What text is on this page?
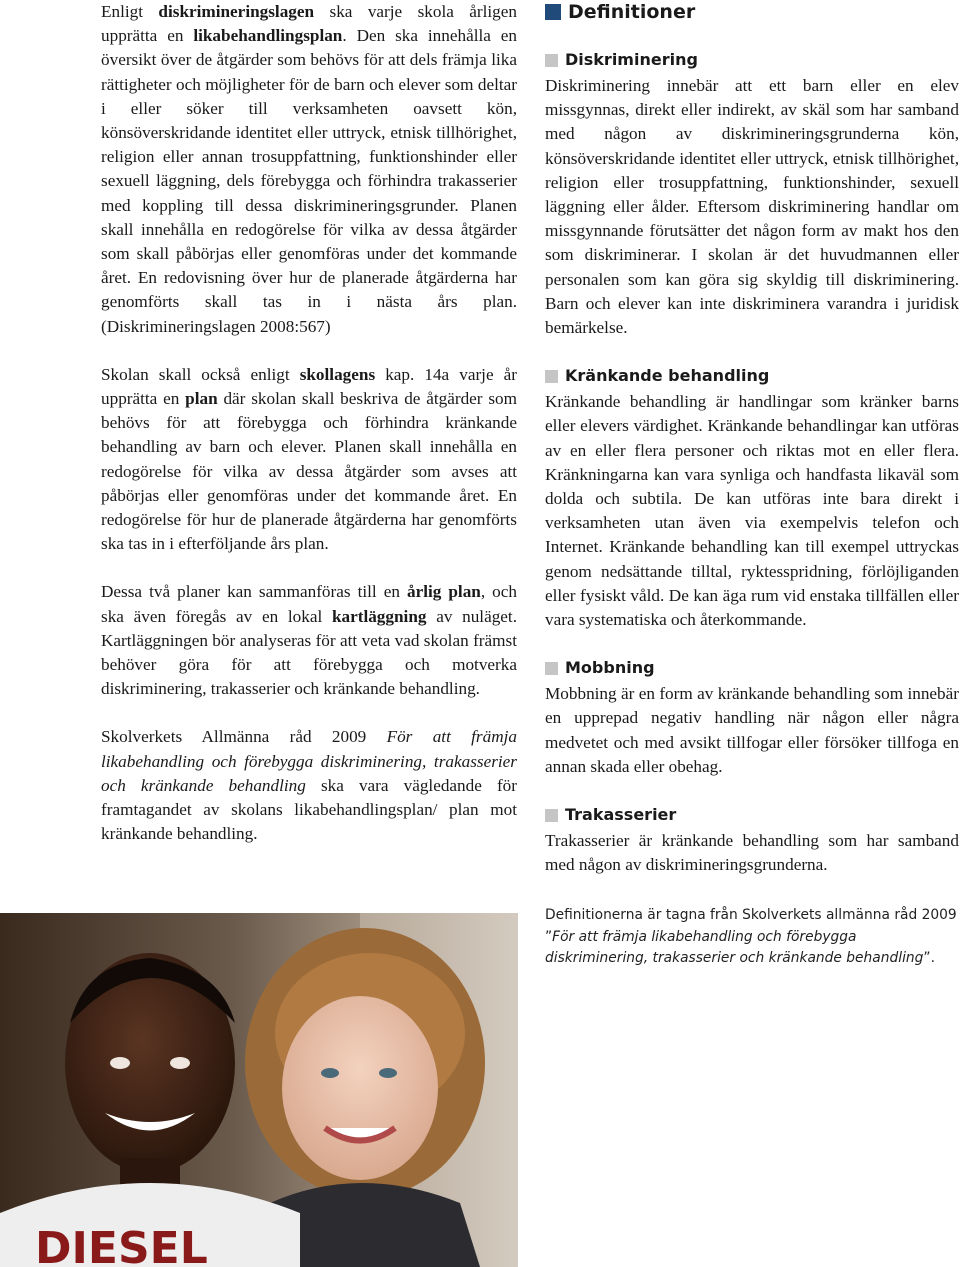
Enligt diskrimineringslagen ska varje skola årligen upprätta en likabehandlingsplan. Den ska innehålla en översikt över de åtgärder som behövs för att dels främja lika rättigheter och möjligheter för de barn och elever som deltar i eller söker till verksamheten oavsett kön, könsöverskridande identitet eller uttryck, etnisk tillhörighet, religion eller annan trosuppfattning, funktionshinder eller sexuell läggning, dels förebygga och förhindra trakasserier med koppling till dessa diskrimineringsgrunder. Planen skall innehålla en redogörelse för vilka av dessa åtgärder som skall påbörjas eller genomföras under det kommande året. En redovisning över hur de planerade åtgärderna har genomförts skall tas in i nästa års plan. (Diskrimineringslagen 2008:567)

Skolan skall också enligt skollagens kap. 14a varje år upprätta en plan där skolan skall beskriva de åtgärder som behövs för att förebygga och förhindra kränkande behandling av barn och elever. Planen skall innehålla en redogörelse för vilka av dessa åtgärder som avses att påbörjas eller genomföras under det kommande året. En redogörelse för hur de planerade åtgärderna har genomförts ska tas in i efterföljande års plan.

Dessa två planer kan sammanföras till en årlig plan, och ska även föregås av en lokal kartläggning av nuläget. Kartläggningen bör analyseras för att veta vad skolan främst behöver göra för att förebygga och motverka diskriminering, trakasserier och kränkande behandling.

Skolverkets Allmänna råd 2009 För att främja likabehandling och förebygga diskriminering, trakasserier och kränkande behandling ska vara vägledande för framtagandet av skolans likabehandlingsplan/ plan mot kränkande behandling.

Definitioner
Diskriminering

Diskriminering innebär att ett barn eller en elev missgynnas, direkt eller indirekt, av skäl som har samband med någon av diskrimineringsgrunderna kön, könsöverskridande identitet eller uttryck, etnisk tillhörighet, religion eller trosuppfattning, funktionshinder, sexuell läggning eller ålder. Eftersom diskriminering handlar om missgynnande förutsätter det någon form av makt hos den som diskriminerar. I skolan är det huvudmannen eller personalen som kan göra sig skyldig till diskriminering. Barn och elever kan inte diskriminera varandra i juridisk bemärkelse.

Kränkande behandling

Kränkande behandling är handlingar som kränker barns eller elevers värdighet. Kränkande behandlingar kan utföras av en eller flera personer och riktas mot en eller flera. Kränkningarna kan vara synliga och handfasta likaväl som dolda och subtila. De kan utföras inte bara direkt i verksamheten utan även via exempelvis telefon och Internet. Kränkande behandling kan till exempel uttryckas genom nedsättande tilltal, ryktesspridning, förlöjliganden eller fysiskt våld. De kan äga rum vid enstaka tillfällen eller vara systematiska och återkommande.

Mobbning

Mobbning är en form av kränkande behandling som innebär en upprepad negativ handling när någon eller några medvetet och med avsikt tillfogar eller försöker tillfoga en annan skada eller obehag.

Trakasserier

Trakasserier är kränkande behandling som har samband med någon av diskrimineringsgrunderna.

Definitionerna är tagna från Skolverkets allmänna råd 2009 ”För att främja likabehandling och förebygga diskriminering, trakasserier och kränkande behandling”.
DIESEL
